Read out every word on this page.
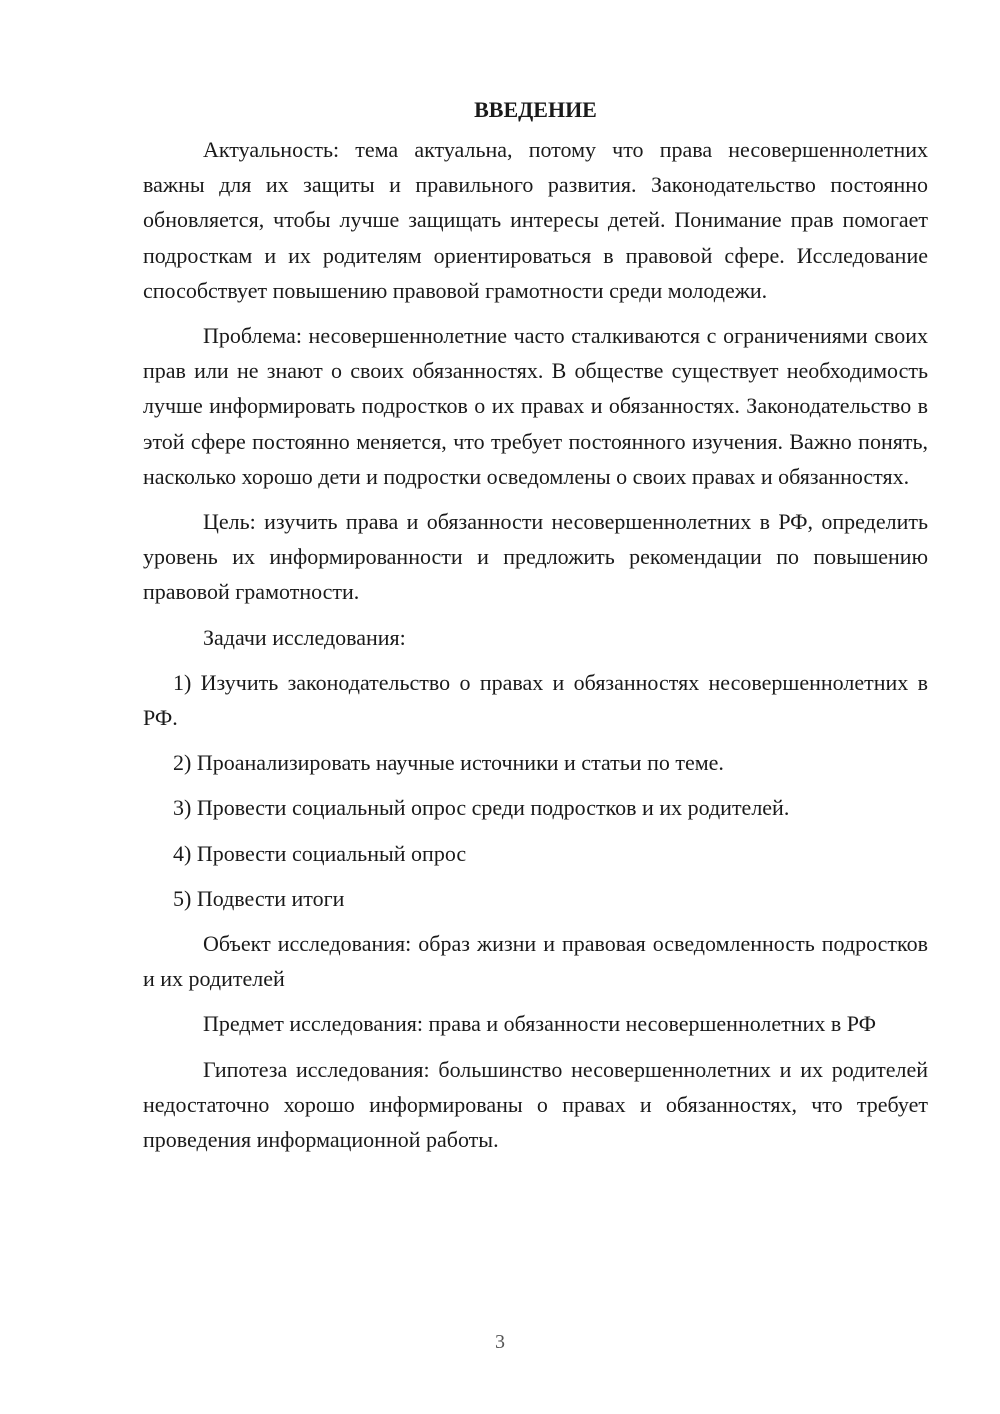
ВВЕДЕНИЕ

Актуальность: тема актуальна, потому что права несовершеннолетних важны для их защиты и правильного развития. Законодательство постоянно обновляется, чтобы лучше защищать интересы детей. Понимание прав помогает подросткам и их родителям ориентироваться в правовой сфере. Исследование способствует повышению правовой грамотности среди молодежи.

Проблема: несовершеннолетние часто сталкиваются с ограничениями своих прав или не знают о своих обязанностях. В обществе существует необходимость лучше информировать подростков о их правах и обязанностях. Законодательство в этой сфере постоянно меняется, что требует постоянного изучения. Важно понять, насколько хорошо дети и подростки осведомлены о своих правах и обязанностях.

Цель: изучить права и обязанности несовершеннолетних в РФ, определить уровень их информированности и предложить рекомендации по повышению правовой грамотности.

Задачи исследования:

1) Изучить законодательство о правах и обязанностях несовершеннолетних в РФ.

2) Проанализировать научные источники и статьи по теме.

3) Провести социальный опрос среди подростков и их родителей.

4) Провести социальный опрос

5) Подвести итоги

Объект исследования: образ жизни и правовая осведомленность подростков и их родителей

Предмет исследования: права и обязанности несовершеннолетних в РФ

Гипотеза исследования: большинство несовершеннолетних и их родителей недостаточно хорошо информированы о правах и обязанностях, что требует проведения информационной работы.

3
